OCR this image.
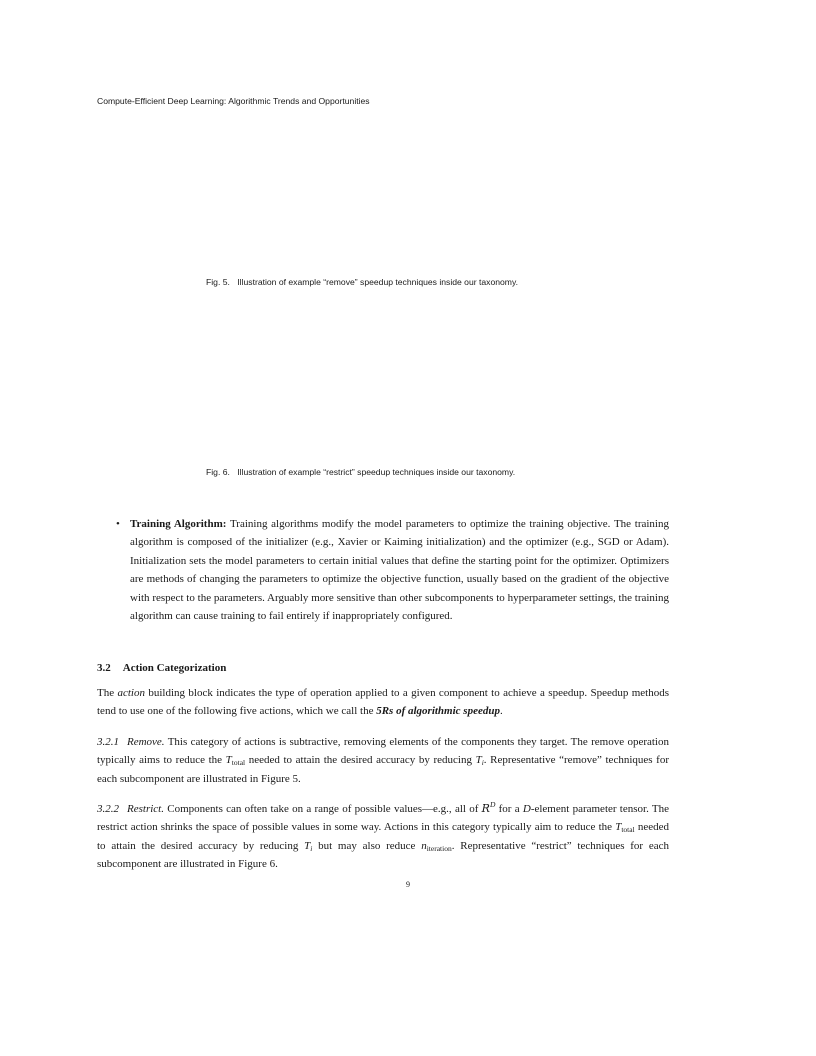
Compute-Efficient Deep Learning: Algorithmic Trends and Opportunities
Fig. 5. Illustration of example “remove” speedup techniques inside our taxonomy.
Fig. 6. Illustration of example “restrict” speedup techniques inside our taxonomy.
• Training Algorithm: Training algorithms modify the model parameters to optimize the training objective. The training algorithm is composed of the initializer (e.g., Xavier or Kaiming initialization) and the optimizer (e.g., SGD or Adam). Initialization sets the model parameters to certain initial values that define the starting point for the optimizer. Optimizers are methods of changing the parameters to optimize the objective function, usually based on the gradient of the objective with respect to the parameters. Arguably more sensitive than other subcomponents to hyperparameter settings, the training algorithm can cause training to fail entirely if inappropriately configured.
3.2 Action Categorization
The action building block indicates the type of operation applied to a given component to achieve a speedup. Speedup methods tend to use one of the following five actions, which we call the 5Rs of algorithmic speedup.
3.2.1 Remove. This category of actions is subtractive, removing elements of the components they target. The remove operation typically aims to reduce the $T_{total}$ needed to attain the desired accuracy by reducing $T_i$. Representative “remove” techniques for each subcomponent are illustrated in Figure 5.
3.2.2 Restrict. Components can often take on a range of possible values—e.g., all of $R^D$ for a D-element parameter tensor. The restrict action shrinks the space of possible values in some way. Actions in this category typically aim to reduce the $T_{total}$ needed to attain the desired accuracy by reducing $T_i$ but may also reduce $n_{iteration}$. Representative “restrict” techniques for each subcomponent are illustrated in Figure 6.
9
